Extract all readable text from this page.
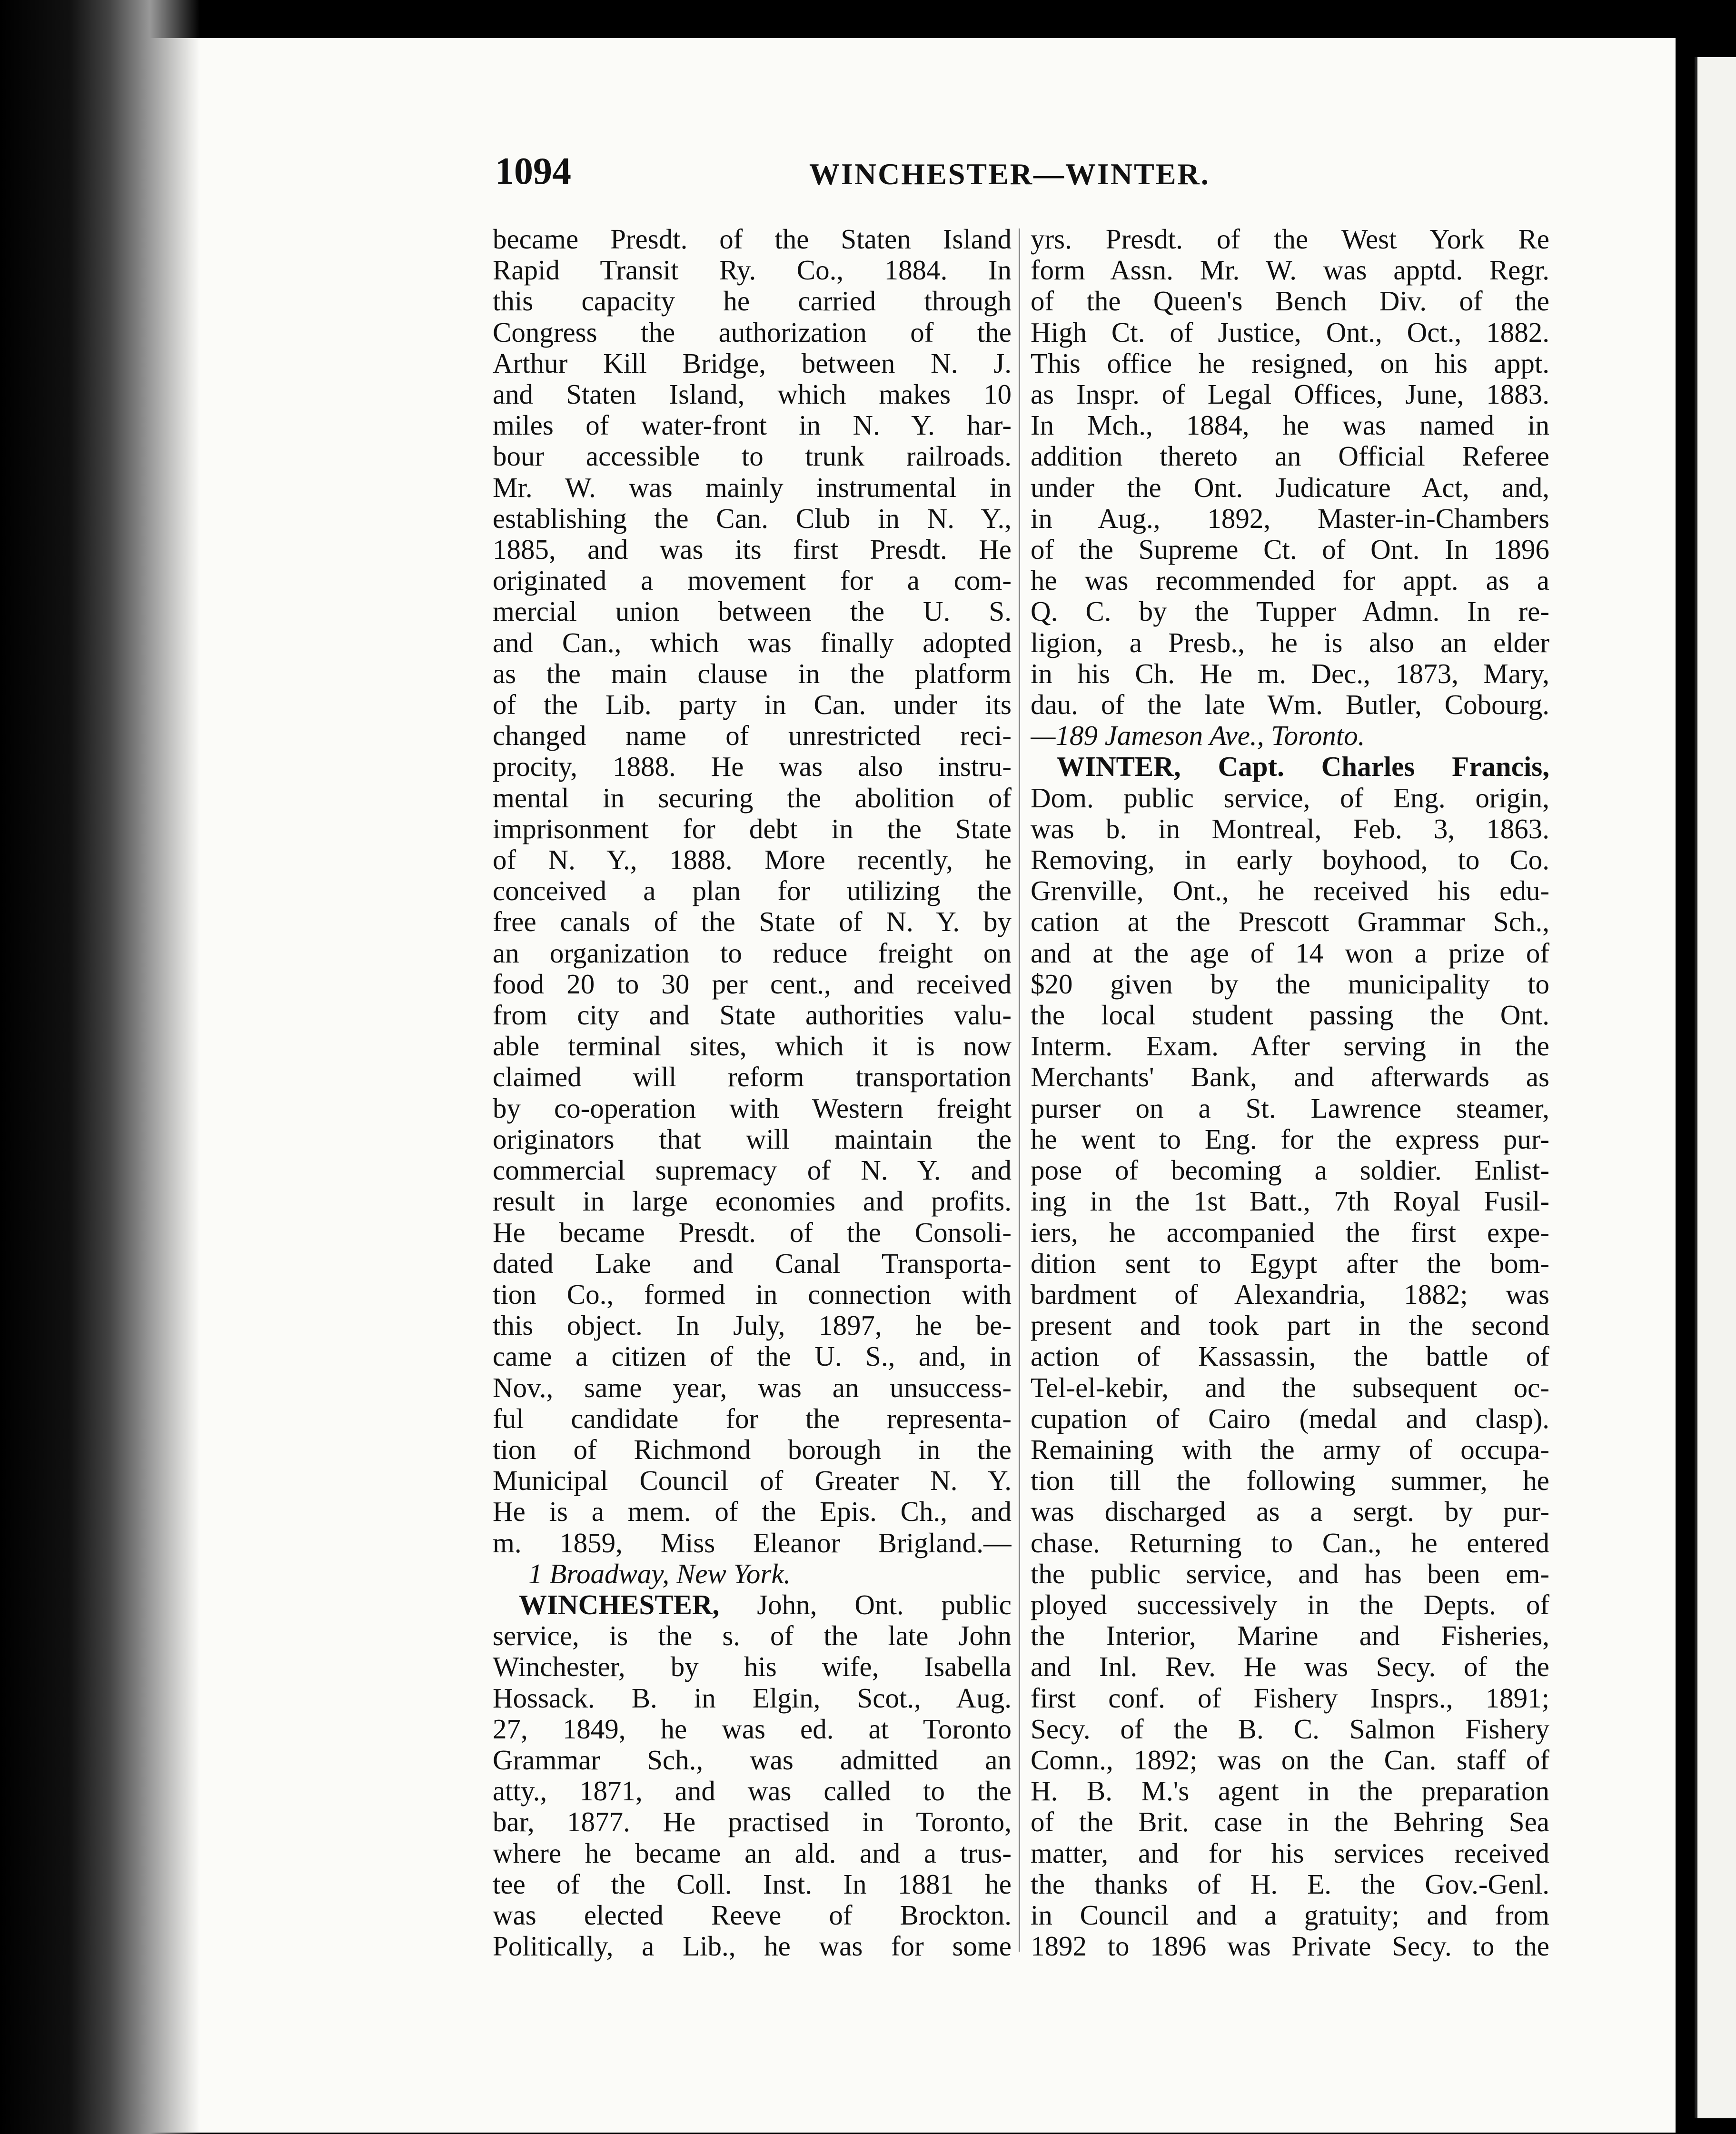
1094	WINCHESTER—WINTER.
became Presdt. of the Staten Island
Rapid Transit Ry. Co., 1884. In
this capacity he carried through
Congress the authorization of the
Arthur Kill Bridge, between N. J.
and Staten Island, which makes 10
miles of water-front in N. Y. har-
bour accessible to trunk railroads.
Mr. W. was mainly instrumental in
establishing the Can. Club in N. Y.,
1885, and was its first Presdt. He
originated a movement for a com-
mercial union between the U. S.
and Can., which was finally adopted
as the main clause in the platform
of the Lib. party in Can. under its
changed name of unrestricted reci-
procity, 1888. He was also instru-
mental in securing the abolition of
imprisonment for debt in the State
of N. Y., 1888. More recently, he
conceived a plan for utilizing the
free canals of the State of N. Y. by
an organization to reduce freight on
food 20 to 30 per cent., and received
from city and State authorities valu-
able terminal sites, which it is now
claimed will reform transportation
by co-operation with Western freight
originators that will maintain the
commercial supremacy of N. Y. and
result in large economies and profits.
He became Presdt. of the Consoli-
dated Lake and Canal Transporta-
tion Co., formed in connection with
this object. In July, 1897, he be-
came a citizen of the U. S., and, in
Nov., same year, was an unsuccess-
ful candidate for the representa-
tion of Richmond borough in the
Municipal Council of Greater N. Y.
He is a mem. of the Epis. Ch., and
m. 1859, Miss Eleanor Brigland.—
1 Broadway, New York.
WINCHESTER, John, Ont. public
service, is the s. of the late John
Winchester, by his wife, Isabella
Hossack. B. in Elgin, Scot., Aug.
27, 1849, he was ed. at Toronto
Grammar Sch., was admitted an
atty., 1871, and was called to the
bar, 1877. He practised in Toronto,
where he became an ald. and a trus-
tee of the Coll. Inst. In 1881 he
was elected Reeve of Brockton.
Politically, a Lib., he was for some
yrs. Presdt. of the West York Re
form Assn. Mr. W. was apptd. Regr.
of the Queen's Bench Div. of the
High Ct. of Justice, Ont., Oct., 1882.
This office he resigned, on his appt.
as Inspr. of Legal Offices, June, 1883.
In Mch., 1884, he was named in
addition thereto an Official Referee
under the Ont. Judicature Act, and,
in Aug., 1892, Master-in-Chambers
of the Supreme Ct. of Ont. In 1896
he was recommended for appt. as a
Q. C. by the Tupper Admn. In re-
ligion, a Presb., he is also an elder
in his Ch. He m. Dec., 1873, Mary,
dau. of the late Wm. Butler, Cobourg.
—189 Jameson Ave., Toronto.
WINTER, Capt. Charles Francis,
Dom. public service, of Eng. origin,
was b. in Montreal, Feb. 3, 1863.
Removing, in early boyhood, to Co.
Grenville, Ont., he received his edu-
cation at the Prescott Grammar Sch.,
and at the age of 14 won a prize of
$20 given by the municipality to
the local student passing the Ont.
Interm. Exam. After serving in the
Merchants' Bank, and afterwards as
purser on a St. Lawrence steamer,
he went to Eng. for the express pur-
pose of becoming a soldier. Enlist-
ing in the 1st Batt., 7th Royal Fusil-
iers, he accompanied the first expe-
dition sent to Egypt after the bom-
bardment of Alexandria, 1882; was
present and took part in the second
action of Kassassin, the battle of
Tel-el-kebir, and the subsequent oc-
cupation of Cairo (medal and clasp).
Remaining with the army of occupa-
tion till the following summer, he
was discharged as a sergt. by pur-
chase. Returning to Can., he entered
the public service, and has been em-
ployed successively in the Depts. of
the Interior, Marine and Fisheries,
and Inl. Rev. He was Secy. of the
first conf. of Fishery Insprs., 1891;
Secy. of the B. C. Salmon Fishery
Comn., 1892; was on the Can. staff of
H. B. M.'s agent in the preparation
of the Brit. case in the Behring Sea
matter, and for his services received
the thanks of H. E. the Gov.-Genl.
in Council and a gratuity; and from
1892 to 1896 was Private Secy. to the
